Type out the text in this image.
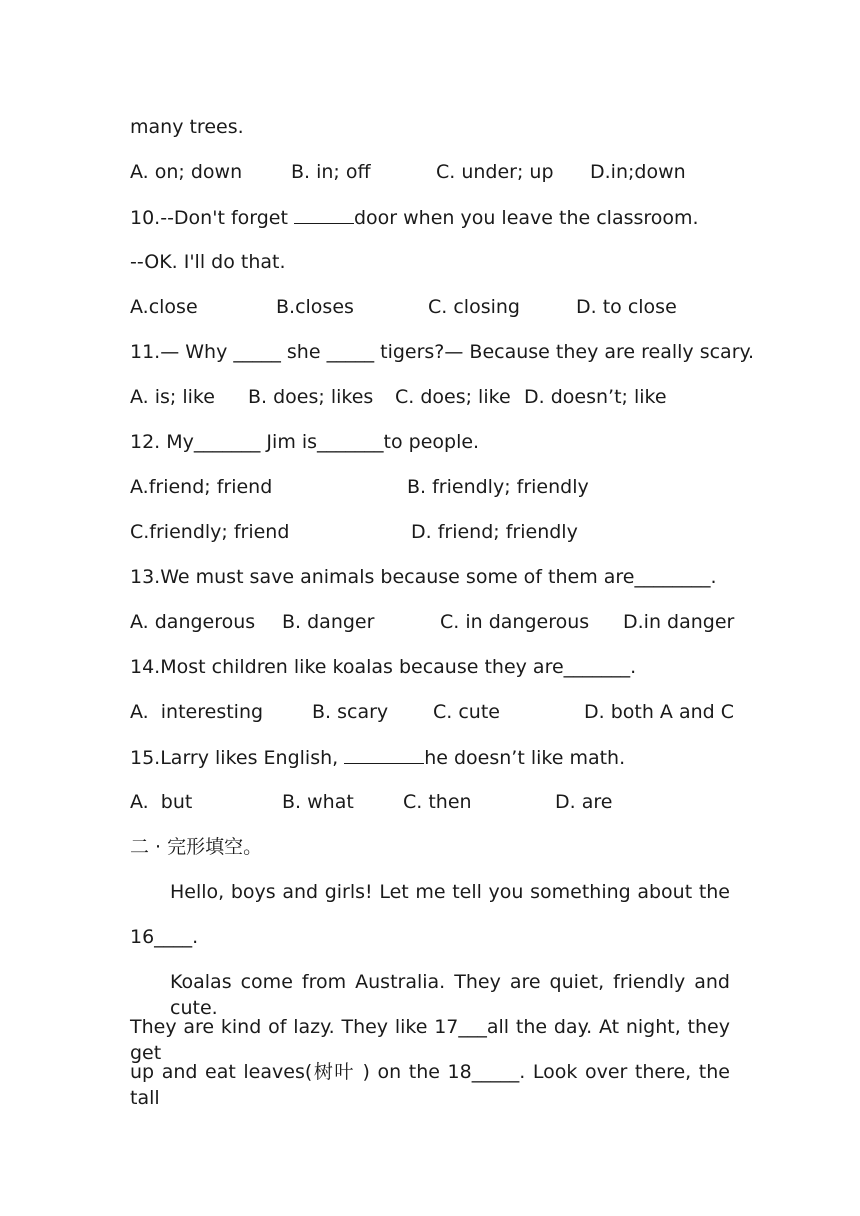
many trees.

A. on; down

	B. in; off

	C. under; up

D.in;down

10.--Don't forget	door when you leave the classroom.
--OK. I'll do that.

A.close

	B.closes

	C. closing

	D. to close

11.— Why _____ she _____ tigers?— Because they are really scary.

A. is; like

B. does; likes

C. does; like

D. doesn’t; like

12. My_______ Jim is_______to people.

A.friend; friend

	B. friendly; friendly

C.friendly; friend

	D. friend; friendly

13.We must save animals because some of them are________.

A. dangerous

B. danger

	C. in dangerous

D.in danger

14.Most children like koalas because they are_______.

A.  interesting

	B. scary

C. cute

	D. both A and C

15.Larry likes English,	he doesn’t like math.

A.  but

	B. what

	C. then

	D. are

二 · 完形填空。
Hello, boys and girls! Let me tell you something about the
16____.
Koalas come from Australia. They are quiet, friendly and cute.
They are kind of lazy. They like 17___all the day. At night, they get
up and eat leaves(树叶 ) on the 18_____. Look over there, the tall
